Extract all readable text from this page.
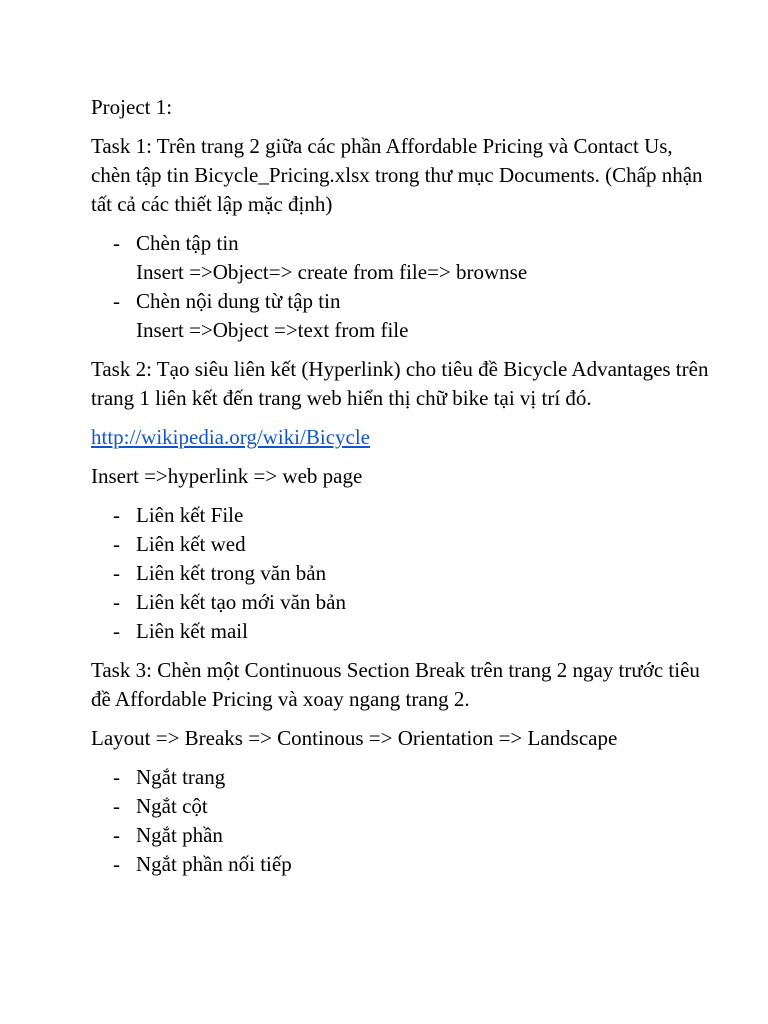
Project 1:

Task 1: Trên trang 2 giữa các phần Affordable Pricing và Contact Us, chèn tập tin Bicycle_Pricing.xlsx trong thư mục Documents. (Chấp nhận tất cả các thiết lập mặc định)

- Chèn tập tin
Insert =>Object=> create from file=> brownse
- Chèn nội dung từ tập tin
Insert =>Object =>text from file

Task 2: Tạo siêu liên kết (Hyperlink) cho tiêu đề Bicycle Advantages trên trang 1 liên kết đến trang web hiển thị chữ bike tại vị trí đó.

http://wikipedia.org/wiki/Bicycle

Insert =>hyperlink => web page

- Liên kết File
- Liên kết wed
- Liên kết trong văn bản
- Liên kết tạo mới văn bản
- Liên kết mail

Task 3: Chèn một Continuous Section Break trên trang 2 ngay trước tiêu đề Affordable Pricing và xoay ngang trang 2.

Layout => Breaks => Continous => Orientation => Landscape

- Ngắt trang
- Ngắt cột
- Ngắt phần
- Ngắt phần nối tiếp
